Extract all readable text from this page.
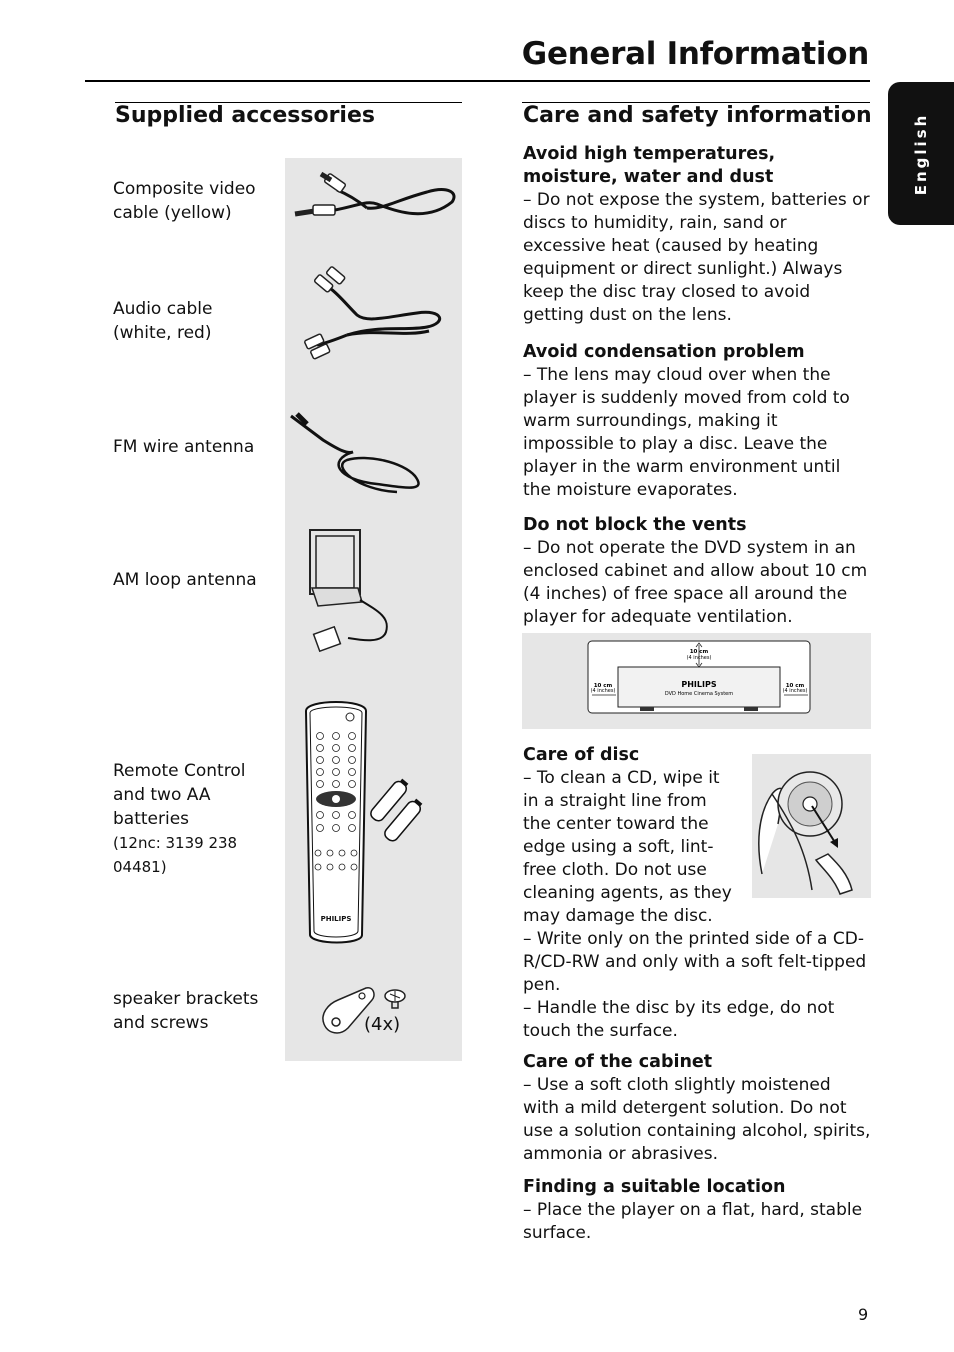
General Information
English
Supplied accessories
Composite video
cable (yellow)
Audio cable
(white, red)
FM wire antenna
AM loop antenna
Remote Control
and two AA
batteries
(12nc: 3139 238 04481)
speaker brackets
and screws
PHILIPS
(4x)
Care and safety information
Avoid high temperatures, moisture, water and dust

– Do not expose the system, batteries or discs to humidity, rain, sand or excessive heat (caused by heating equipment or direct sunlight.) Always keep the disc tray closed to avoid getting dust on the lens.

Avoid condensation problem

– The lens may cloud over when the player is suddenly moved from cold to warm surroundings, making it impossible to play a disc. Leave the player in the warm environment until the moisture evaporates.

Do not block the vents

– Do not operate the DVD system in an enclosed cabinet and allow about 10 cm (4 inches) of free space all around the player for adequate ventilation.

10 cm
(4 inches)
10 cm
(4 inches)
10 cm
(4 inches)
PHILIPS
DVD Home Cinema System
Care of disc

– To clean a CD, wipe it in a straight line from the center toward the edge using a soft, lint-free cloth. Do not use cleaning agents, as they may damage the disc.

– Write only on the printed side of a CD-R/CD-RW and only with a soft felt-tipped pen.

– Handle the disc by its edge, do not touch the surface.

Care of the cabinet

– Use a soft cloth slightly moistened with a mild detergent solution. Do not use a solution containing alcohol, spirits, ammonia or abrasives.

Finding a suitable location

– Place the player on a flat, hard, stable surface.

9
